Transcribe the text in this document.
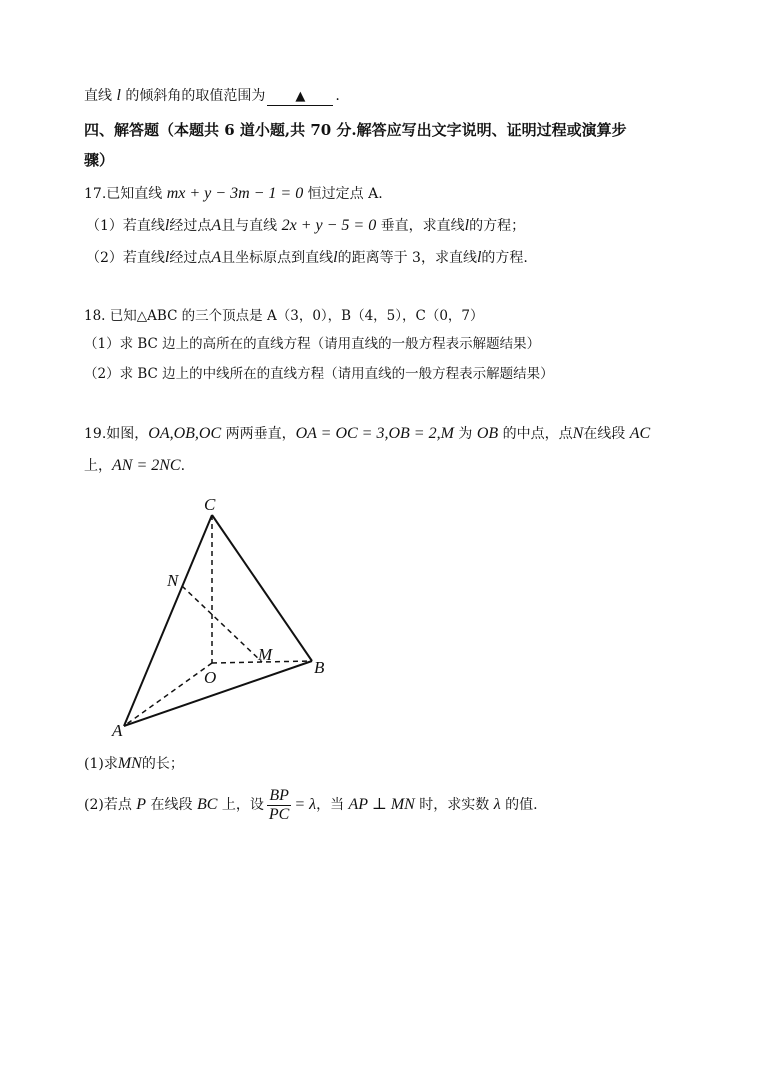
直线 l 的倾斜角的取值范围为 ▲ .
四、解答题（本题共 6 道小题,共 70 分.解答应写出文字说明、证明过程或演算步
骤）
17.已知直线 mx + y − 3m − 1 = 0 恒过定点 A.
（1）若直线l经过点A且与直线 2x + y − 5 = 0 垂直，求直线l的方程；
（2）若直线l经过点A且坐标原点到直线l的距离等于 3，求直线l的方程.
18. 已知△ABC 的三个顶点是 A（3，0），B（4，5），C（0，7）
（1）求 BC 边上的高所在的直线方程（请用直线的一般方程表示解题结果）
（2）求 BC 边上的中线所在的直线方程（请用直线的一般方程表示解题结果）
19.如图，OA,OB,OC 两两垂直，OA = OC = 3,OB = 2,M 为 OB 的中点，点N在线段 AC
上，AN = 2NC.
C
N
M
O
B
A
(1)求MN的长；
(2)若点 P 在线段 BC 上，设 $\frac{BP}{PC} = \lambda$，当 AP ⊥ MN 时，求实数 λ 的值.
